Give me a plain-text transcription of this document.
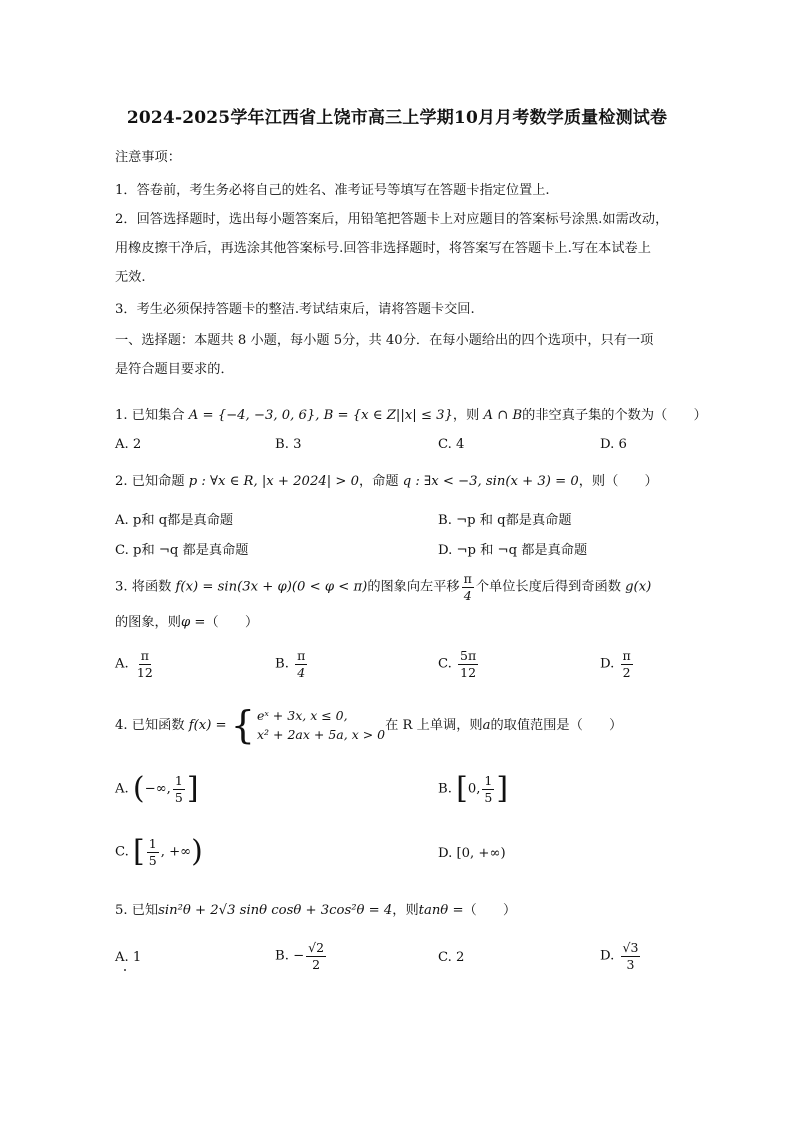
2024-2025学年江西省上饶市高三上学期10月月考数学质量检测试卷
注意事项：
1．答卷前，考生务必将自己的姓名、准考证号等填写在答题卡指定位置上.
2．回答选择题时，选出每小题答案后，用铅笔把答题卡上对应题目的答案标号涂黑.如需改动，
用橡皮擦干净后，再选涂其他答案标号.回答非选择题时，将答案写在答题卡上.写在本试卷上
无效.
3．考生必须保持答题卡的整洁.考试结束后，请将答题卡交回.
一、选择题：本题共 8 小题，每小题 5分，共 40分．在每小题给出的四个选项中，只有一项
是符合题目要求的．
1. 已知集合 A = {−4, −3, 0, 6}, B = {x ∈ Z||x| ≤ 3}，则 A ∩ B的非空真子集的个数为（　　）
A. 2	B. 3	C. 4	D. 6
2. 已知命题 p : ∀x ∈ R, |x + 2024| > 0，命题 q : ∃x < −3, sin(x + 3) = 0，则（　　）
A. p和 q都是真命题	B. ¬p 和 q都是真命题
C. p和 ¬q 都是真命题	D. ¬p 和 ¬q 都是真命题
3. 将函数 f(x) = sin(3x + φ)(0 < φ < π)的图象向左平移 $\frac{\pi}{4}$ 个单位长度后得到奇函数 g(x)
的图象，则φ =（　　）
A. $\frac{\pi}{12}$	B. $\frac{\pi}{4}$	C. $\frac{5\pi}{12}$	D. $\frac{\pi}{2}$
4. 已知函数 f(x) = { eˣ + 3x, x ≤ 0,
x² + 2ax + 5a, x > 0
在 R 上单调，则a的取值范围是（　　）
A. (−∞, $\frac{1}{5}$ ]	B. [0, $\frac{1}{5}$ ]
C. [ $\frac{1}{5}$ , +∞)	D. [0, +∞)
5. 已知sin²θ + 2√3 sinθ cosθ + 3cos²θ = 4，则tanθ =（　　）
A. 1	B. − $\frac{√2}{2}$	C. 2	D. $\frac{√3}{3}$
